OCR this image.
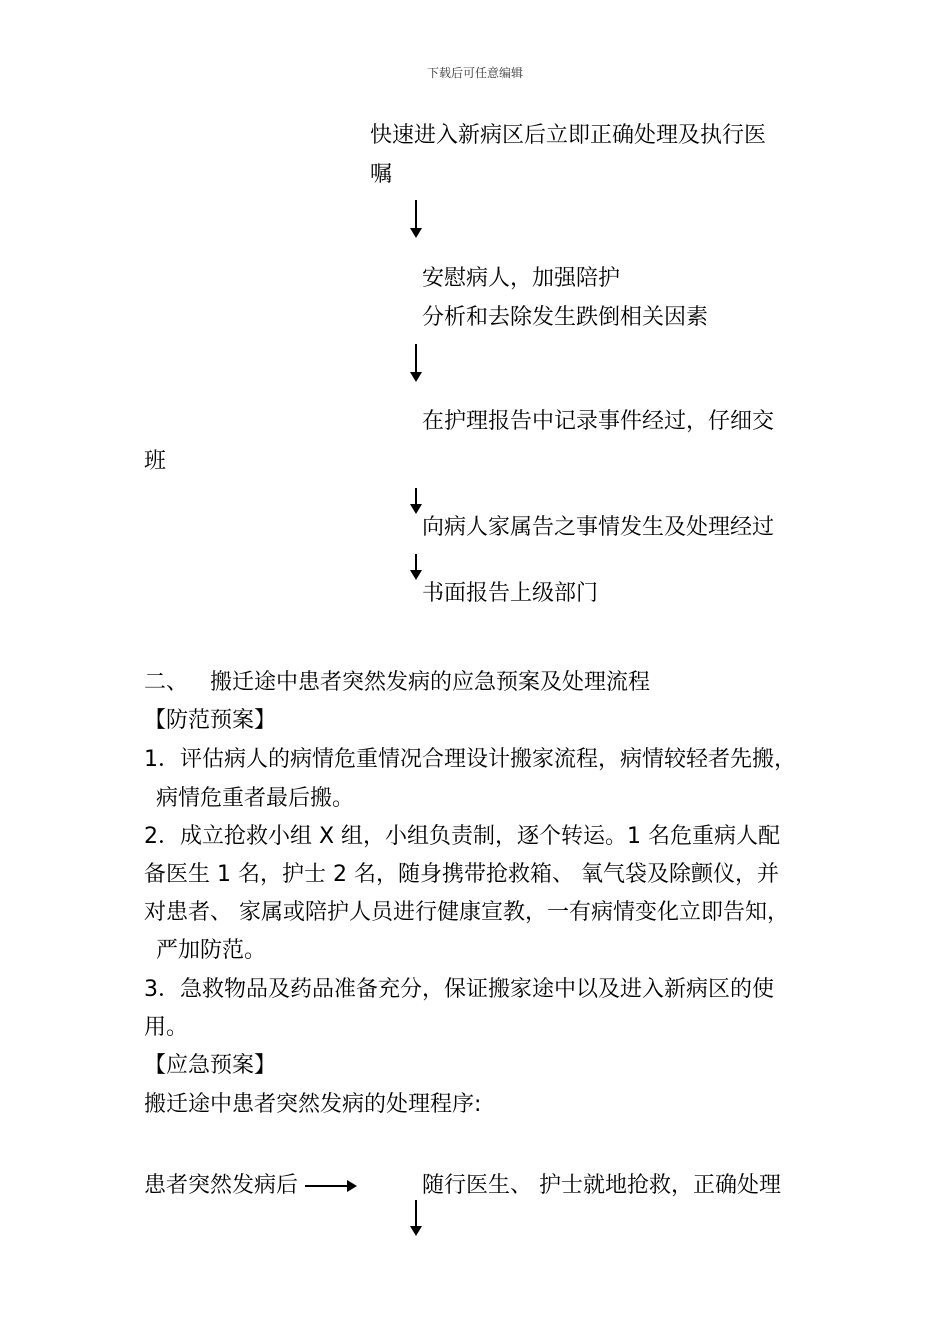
下载后可任意编辑
快速进入新病区后立即正确处理及执行医
嘱
安慰病人，加强陪护
分析和去除发生跌倒相关因素
在护理报告中记录事件经过，仔细交
班
向病人家属告之事情发生及处理经过
书面报告上级部门
二、 搬迁途中患者突然发病的应急预案及处理流程
【防范预案】
1．评估病人的病情危重情况合理设计搬家流程，病情较轻者先搬，
病情危重者最后搬。
2．成立抢救小组 X 组，小组负责制，逐个转运。1 名危重病人配
备医生 1 名，护士 2 名，随身携带抢救箱、 氧气袋及除颤仪，并
对患者、 家属或陪护人员进行健康宣教，一有病情变化立即告知，
严加防范。
3．急救物品及药品准备充分，保证搬家途中以及进入新病区的使
用。
【应急预案】
搬迁途中患者突然发病的处理程序:
患者突然发病后	随行医生、 护士就地抢救，正确处理
